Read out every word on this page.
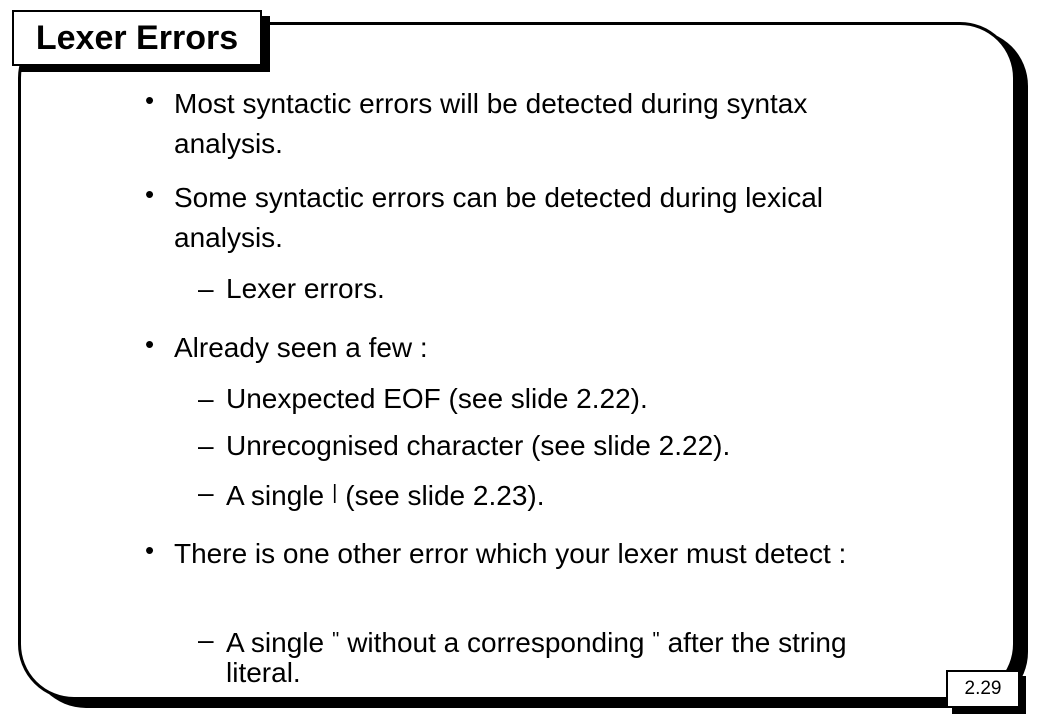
Lexer Errors
• Most syntactic errors will be detected during syntax analysis.
• Some syntactic errors can be detected during lexical analysis.
– Lexer errors.
• Already seen a few :
– Unexpected EOF (see slide 2.22).
– Unrecognised character (see slide 2.22).
– A single | (see slide 2.23).
• There is one other error which your lexer must detect :
– A single " without a corresponding " after the string literal.
2.29
